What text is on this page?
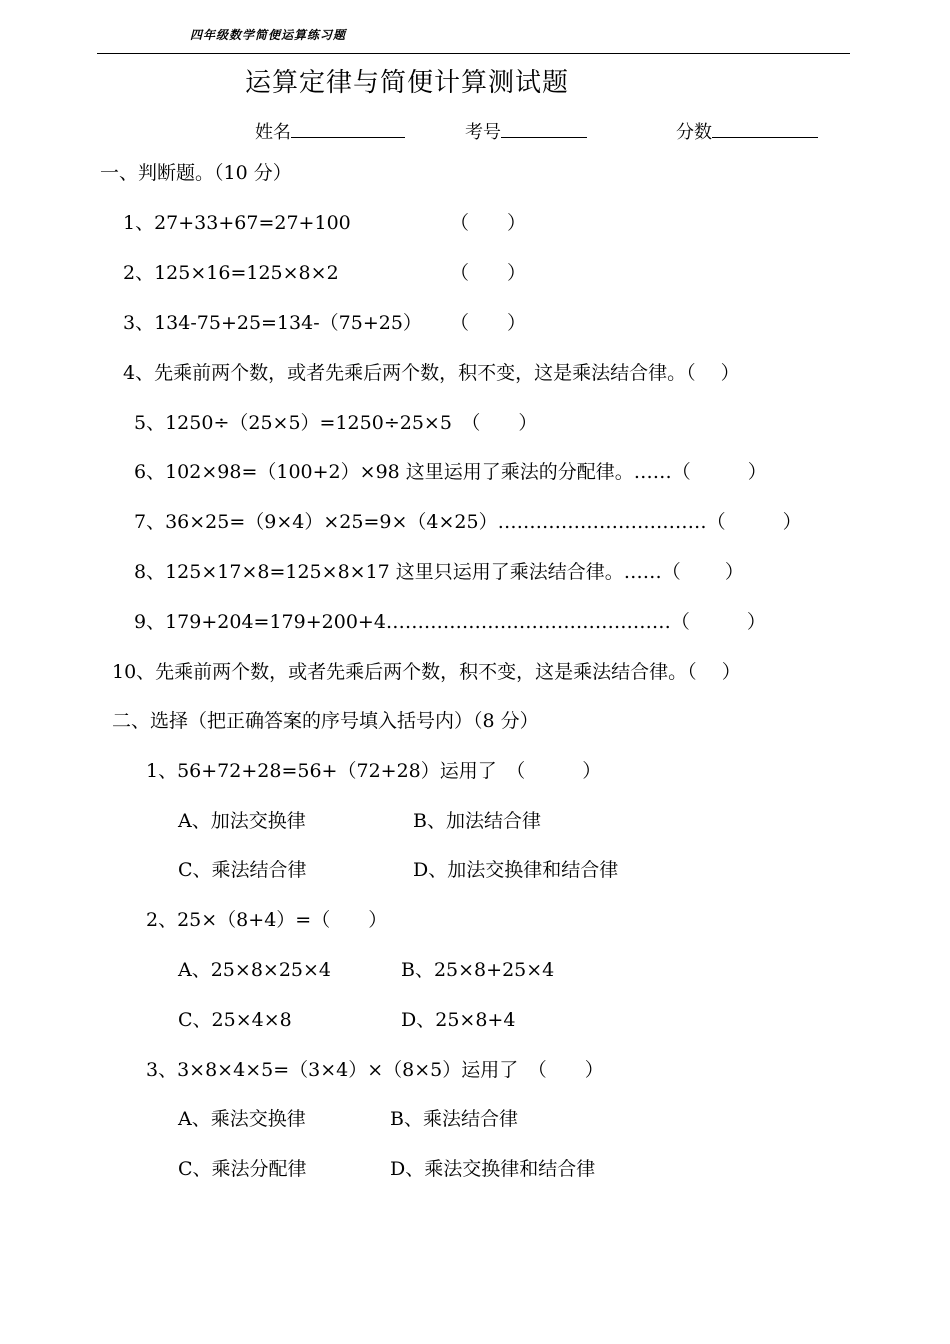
四年级数学简便运算练习题
运算定律与简便计算测试题
姓名	考号	分数
一、判断题。（10 分）
1、27+33+67=27+100	（　　）
2、125×16=125×8×2	（　　）
3、134-75+25=134-（75+25） （　　）
4、先乘前两个数，或者先乘后两个数，积不变，这是乘法结合律。（　 ）
5、1250÷（25×5）=1250÷25×5　（　　）
6、102×98=（100+2）×98 这里运用了乘法的分配律。……（　　　）
7、36×25=（9×4）×25=9×（4×25）……………………………（　　　）
8、125×17×8=125×8×17 这里只运用了乘法结合律。……（　　 ）
9、179+204=179+200+4………………………………………（　　　）
10、先乘前两个数，或者先乘后两个数，积不变，这是乘法结合律。（　 ）
二、选择（把正确答案的序号填入括号内）（8 分）
1、56+72+28=56+（72+28）运用了　（　　　）
A、加法交换律	B、加法结合律
C、乘法结合律	D、加法交换律和结合律
2、25×（8+4）=（　　）
A、25×8×25×4	B、25×8+25×4
C、25×4×8	D、25×8+4
3、3×8×4×5=（3×4）×（8×5）运用了　（　　）
A、乘法交换律	B、乘法结合律
C、乘法分配律	D、乘法交换律和结合律
